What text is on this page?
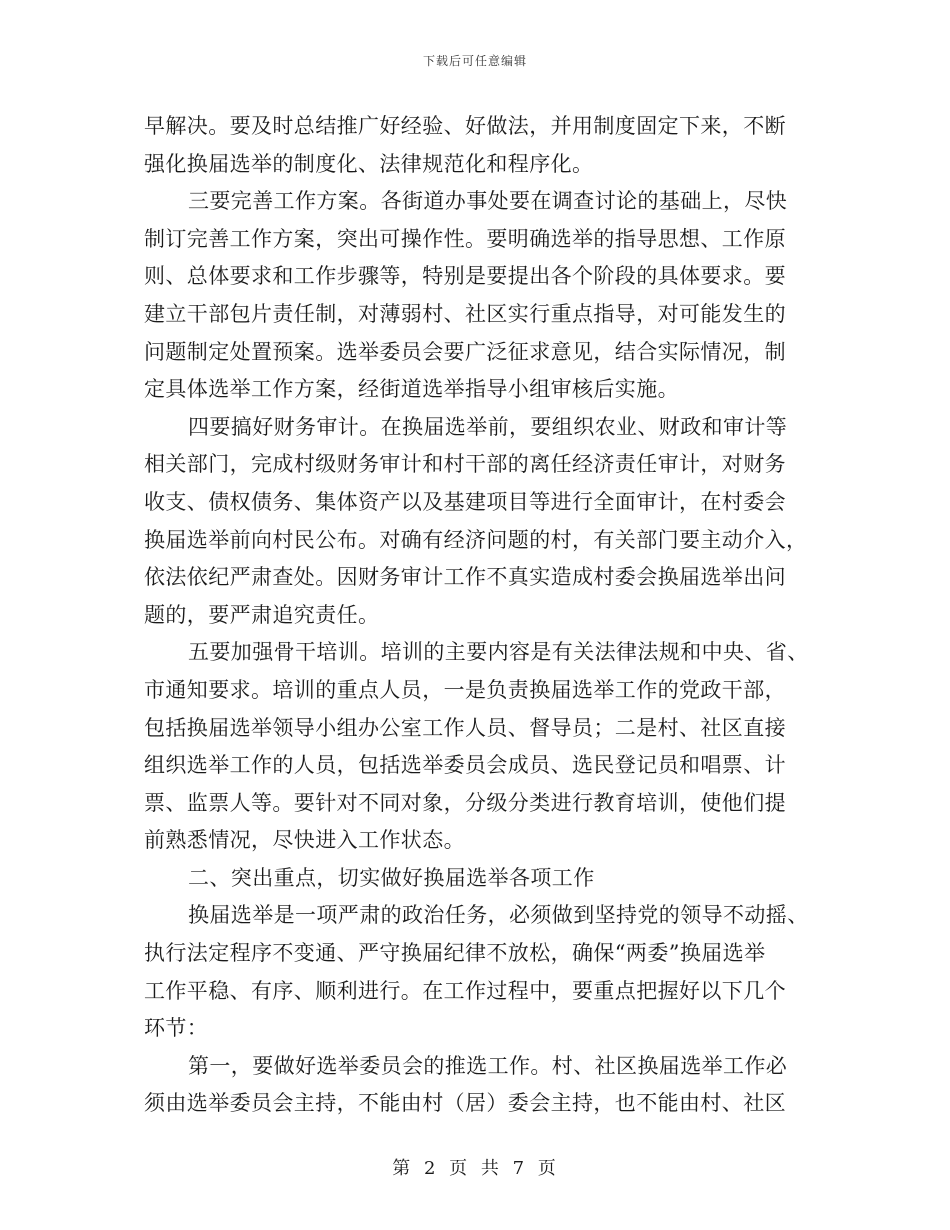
下载后可任意编辑
早解决。要及时总结推广好经验、好做法，并用制度固定下来，不断
强化换届选举的制度化、法律规范化和程序化。
三要完善工作方案。各街道办事处要在调查讨论的基础上，尽快
制订完善工作方案，突出可操作性。要明确选举的指导思想、工作原
则、总体要求和工作步骤等，特别是要提出各个阶段的具体要求。要
建立干部包片责任制，对薄弱村、社区实行重点指导，对可能发生的
问题制定处置预案。选举委员会要广泛征求意见，结合实际情况，制
定具体选举工作方案，经街道选举指导小组审核后实施。
四要搞好财务审计。在换届选举前，要组织农业、财政和审计等
相关部门，完成村级财务审计和村干部的离任经济责任审计，对财务
收支、债权债务、集体资产以及基建项目等进行全面审计，在村委会
换届选举前向村民公布。对确有经济问题的村，有关部门要主动介入，
依法依纪严肃查处。因财务审计工作不真实造成村委会换届选举出问
题的，要严肃追究责任。
五要加强骨干培训。培训的主要内容是有关法律法规和中央、省、
市通知要求。培训的重点人员，一是负责换届选举工作的党政干部，
包括换届选举领导小组办公室工作人员、督导员；二是村、社区直接
组织选举工作的人员，包括选举委员会成员、选民登记员和唱票、计
票、监票人等。要针对不同对象，分级分类进行教育培训，使他们提
前熟悉情况，尽快进入工作状态。
二、突出重点，切实做好换届选举各项工作
换届选举是一项严肃的政治任务，必须做到坚持党的领导不动摇、
执行法定程序不变通、严守换届纪律不放松，确保“两委”换届选举
工作平稳、有序、顺利进行。在工作过程中，要重点把握好以下几个
环节：
第一，要做好选举委员会的推选工作。村、社区换届选举工作必
须由选举委员会主持，不能由村（居）委会主持，也不能由村、社区
第 2 页 共 7 页
